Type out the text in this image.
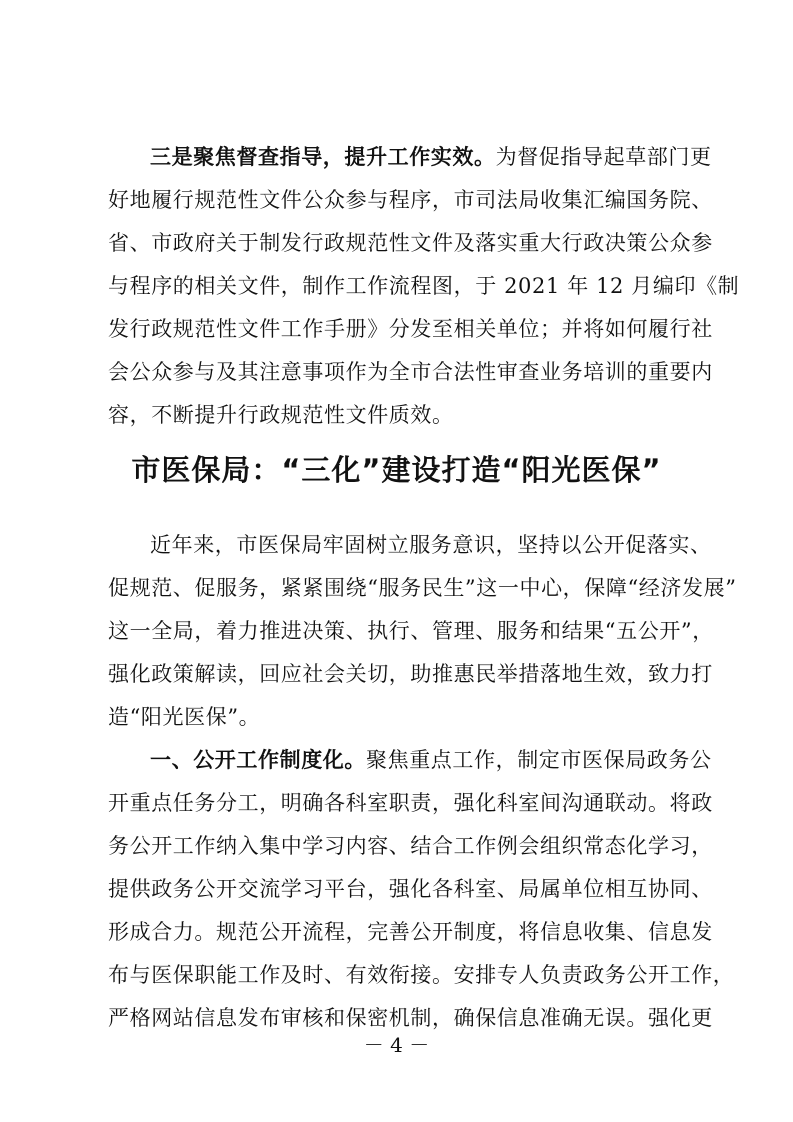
三是聚焦督查指导，提升工作实效。为督促指导起草部门更
好地履行规范性文件公众参与程序，市司法局收集汇编国务院、
省、市政府关于制发行政规范性文件及落实重大行政决策公众参
与程序的相关文件，制作工作流程图，于 2021 年 12 月编印《制
发行政规范性文件工作手册》分发至相关单位；并将如何履行社
会公众参与及其注意事项作为全市合法性审查业务培训的重要内
容，不断提升行政规范性文件质效。
市医保局：“三化”建设打造“阳光医保”
近年来，市医保局牢固树立服务意识，坚持以公开促落实、
促规范、促服务，紧紧围绕“服务民生”这一中心，保障“经济发展”
这一全局，着力推进决策、执行、管理、服务和结果“五公开”，
强化政策解读，回应社会关切，助推惠民举措落地生效，致力打
造“阳光医保”。
一、公开工作制度化。聚焦重点工作，制定市医保局政务公
开重点任务分工，明确各科室职责，强化科室间沟通联动。将政
务公开工作纳入集中学习内容、结合工作例会组织常态化学习，
提供政务公开交流学习平台，强化各科室、局属单位相互协同、
形成合力。规范公开流程，完善公开制度，将信息收集、信息发
布与医保职能工作及时、有效衔接。安排专人负责政务公开工作，
严格网站信息发布审核和保密机制，确保信息准确无误。强化更
－ 4 －
